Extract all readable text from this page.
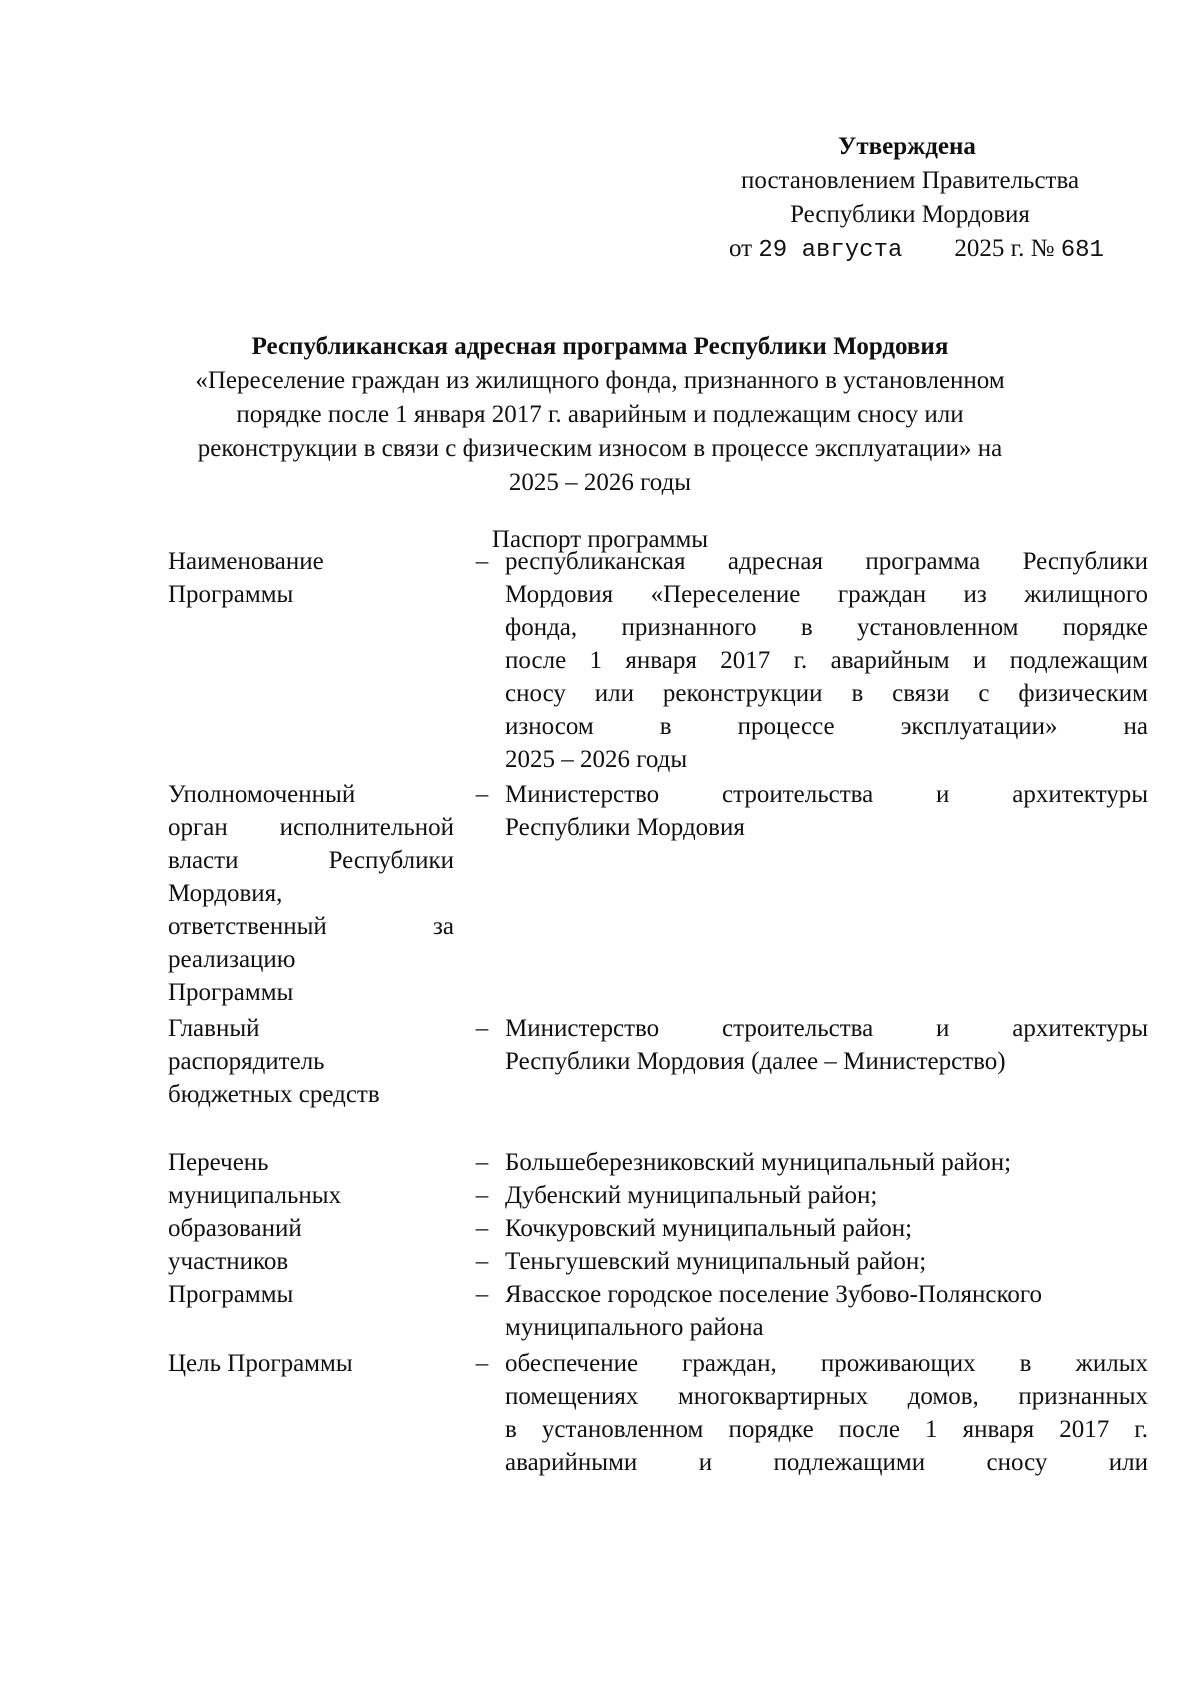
Утверждена
постановлением Правительства
Республики Мордовия
от 29 августа 2025 г. № 681
Республиканская адресная программа Республики Мордовия
«Переселение граждан из жилищного фонда, признанного в установленном
порядке после 1 января 2017 г. аварийным и подлежащим сносу или
реконструкции в связи с физическим износом в процессе эксплуатации» на
2025 – 2026 годы
Паспорт программы
Наименование
Программы
– республиканская адресная программа Республики
Мордовия «Переселение граждан из жилищного
фонда, признанного в установленном порядке
после 1 января 2017 г. аварийным и подлежащим
сносу или реконструкции в связи с физическим
износом в процессе эксплуатации» на
2025 – 2026 годы
Уполномоченный
орган исполнительной
власти Республики
Мордовия,
ответственный за
реализацию
Программы
– Министерство строительства и архитектуры
Республики Мордовия
Главный
распорядитель
бюджетных средств
– Министерство строительства и архитектуры
Республики Мордовия (далее – Министерство)
Перечень
муниципальных
образований
участников
Программы
– Большеберезниковский муниципальный район;
– Дубенский муниципальный район;
– Кочкуровский муниципальный район;
– Теньгушевский муниципальный район;
– Явасское городское поселение Зубово-Полянского
муниципального района
Цель Программы	– обеспечение граждан, проживающих в жилых
помещениях многоквартирных домов, признанных
в установленном порядке после 1 января 2017 г.
аварийными и подлежащими сносу или
